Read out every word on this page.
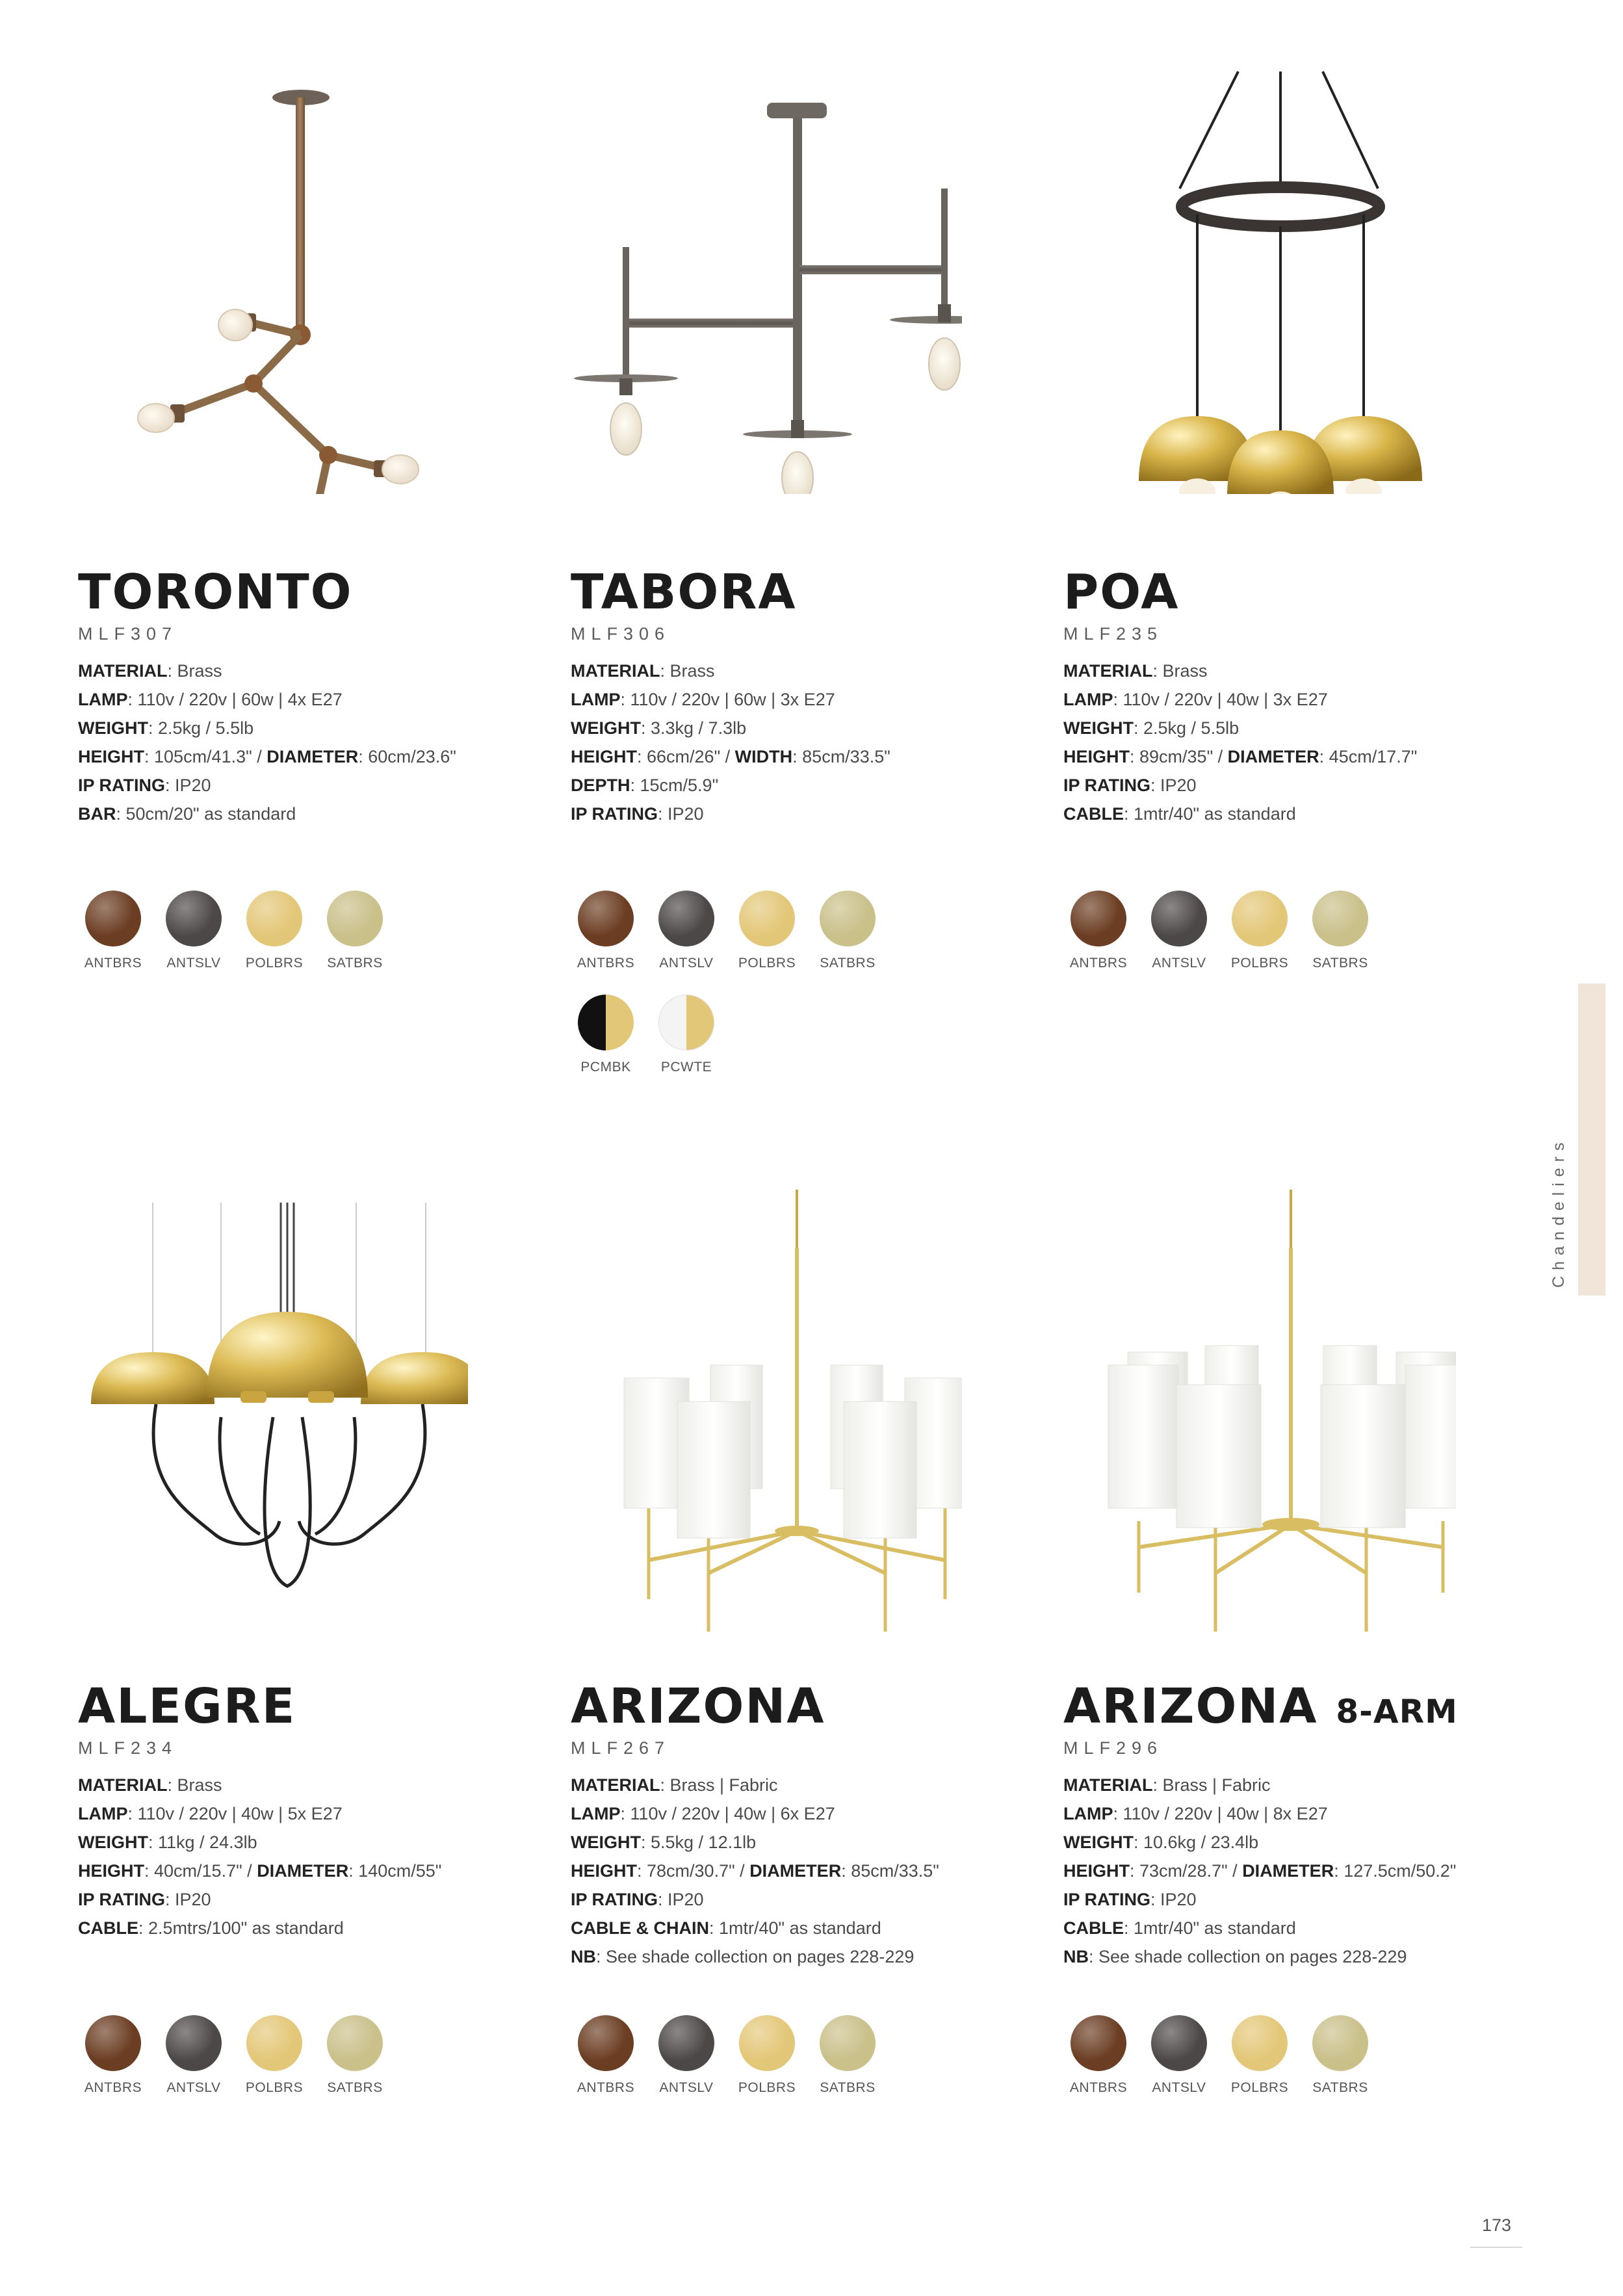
TORONTO
MLF307
MATERIAL: Brass
LAMP: 110v / 220v | 60w | 4x E27
WEIGHT: 2.5kg / 5.5lb
HEIGHT: 105cm/41.3" / DIAMETER: 60cm/23.6"
IP RATING: IP20
BAR: 50cm/20" as standard
ANTBRS ANTSLV POLBRS SATBRS
TABORA
MLF306
MATERIAL: Brass
LAMP: 110v / 220v | 60w | 3x E27
WEIGHT: 3.3kg / 7.3lb
HEIGHT: 66cm/26" / WIDTH: 85cm/33.5"
DEPTH: 15cm/5.9"
IP RATING: IP20
ANTBRS ANTSLV POLBRS SATBRS
PCMBK PCWTE
POA
MLF235
MATERIAL: Brass
LAMP: 110v / 220v | 40w | 3x E27
WEIGHT: 2.5kg / 5.5lb
HEIGHT: 89cm/35" / DIAMETER: 45cm/17.7"
IP RATING: IP20
CABLE: 1mtr/40" as standard
ANTBRS ANTSLV POLBRS SATBRS
ALEGRE
MLF234
MATERIAL: Brass
LAMP: 110v / 220v | 40w | 5x E27
WEIGHT: 11kg / 24.3lb
HEIGHT: 40cm/15.7" / DIAMETER: 140cm/55"
IP RATING: IP20
CABLE: 2.5mtrs/100" as standard
ANTBRS ANTSLV POLBRS SATBRS
ARIZONA
MLF267
MATERIAL: Brass | Fabric
LAMP: 110v / 220v | 40w | 6x E27
WEIGHT: 5.5kg / 12.1lb
HEIGHT: 78cm/30.7" / DIAMETER: 85cm/33.5"
IP RATING: IP20
CABLE & CHAIN: 1mtr/40" as standard
NB: See shade collection on pages 228-229
ANTBRS ANTSLV POLBRS SATBRS
ARIZONA 8-ARM
MLF296
MATERIAL: Brass | Fabric
LAMP: 110v / 220v | 40w | 8x E27
WEIGHT: 10.6kg / 23.4lb
HEIGHT: 73cm/28.7" / DIAMETER: 127.5cm/50.2"
IP RATING: IP20
CABLE: 1mtr/40" as standard
NB: See shade collection on pages 228-229
ANTBRS ANTSLV POLBRS SATBRS
Chandeliers
173
